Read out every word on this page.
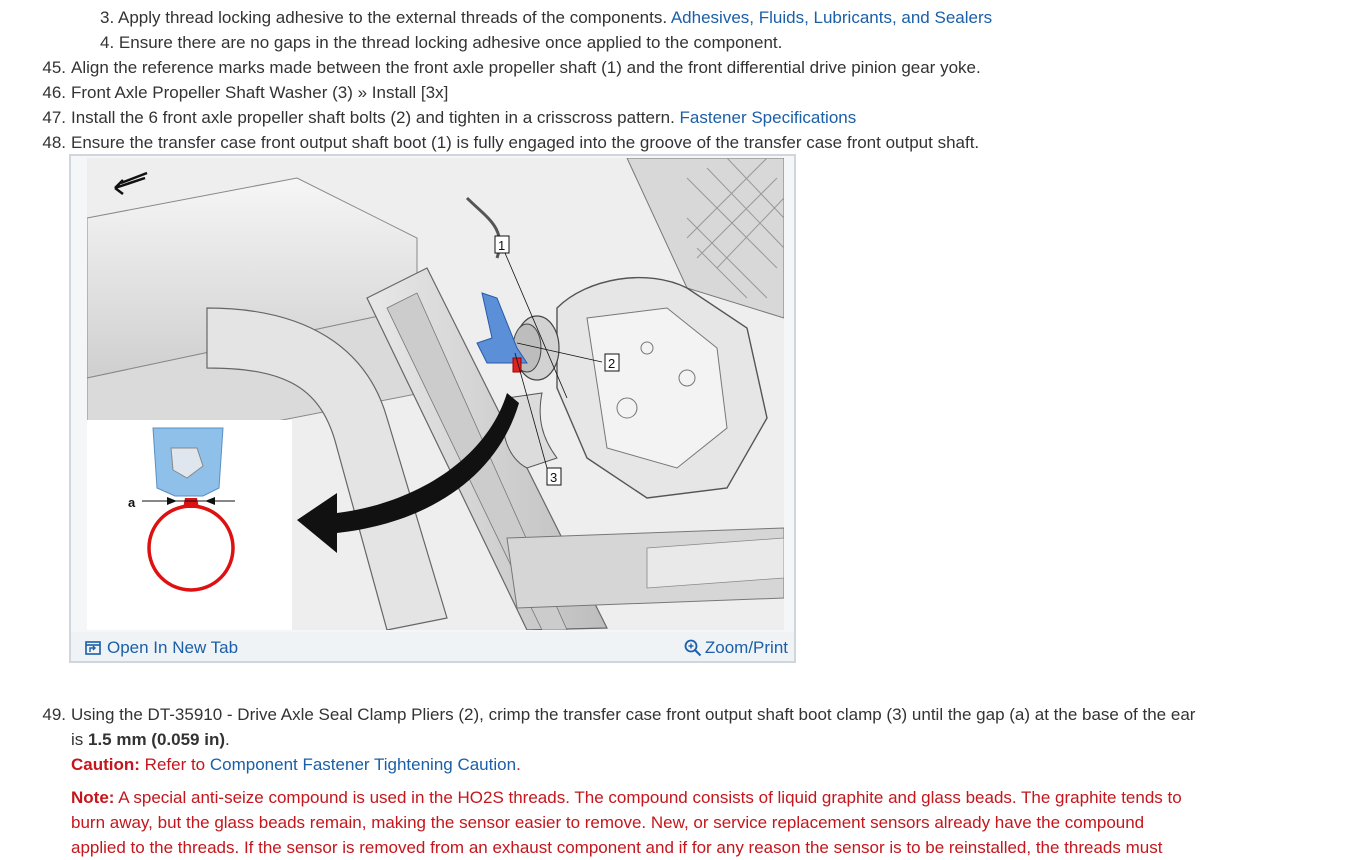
3. Apply thread locking adhesive to the external threads of the components. Adhesives, Fluids, Lubricants, and Sealers
4. Ensure there are no gaps in the thread locking adhesive once applied to the component.
45. Align the reference marks made between the front axle propeller shaft (1) and the front differential drive pinion gear yoke.
46. Front Axle Propeller Shaft Washer (3) » Install [3x]
47. Install the 6 front axle propeller shaft bolts (2) and tighten in a crisscross pattern. Fastener Specifications
48. Ensure the transfer case front output shaft boot (1) is fully engaged into the groove of the transfer case front output shaft.
1
2
3
a
Open In New Tab	Zoom/Print
49. Using the DT-35910 - Drive Axle Seal Clamp Pliers (2), crimp the transfer case front output shaft boot clamp (3) until the gap (a) at the base of the ear
is 1.5 mm (0.059 in).
Caution: Refer to Component Fastener Tightening Caution.
Note: A special anti-seize compound is used in the HO2S threads. The compound consists of liquid graphite and glass beads. The graphite tends to
burn away, but the glass beads remain, making the sensor easier to remove. New, or service replacement sensors already have the compound
applied to the threads. If the sensor is removed from an exhaust component and if for any reason the sensor is to be reinstalled, the threads must
